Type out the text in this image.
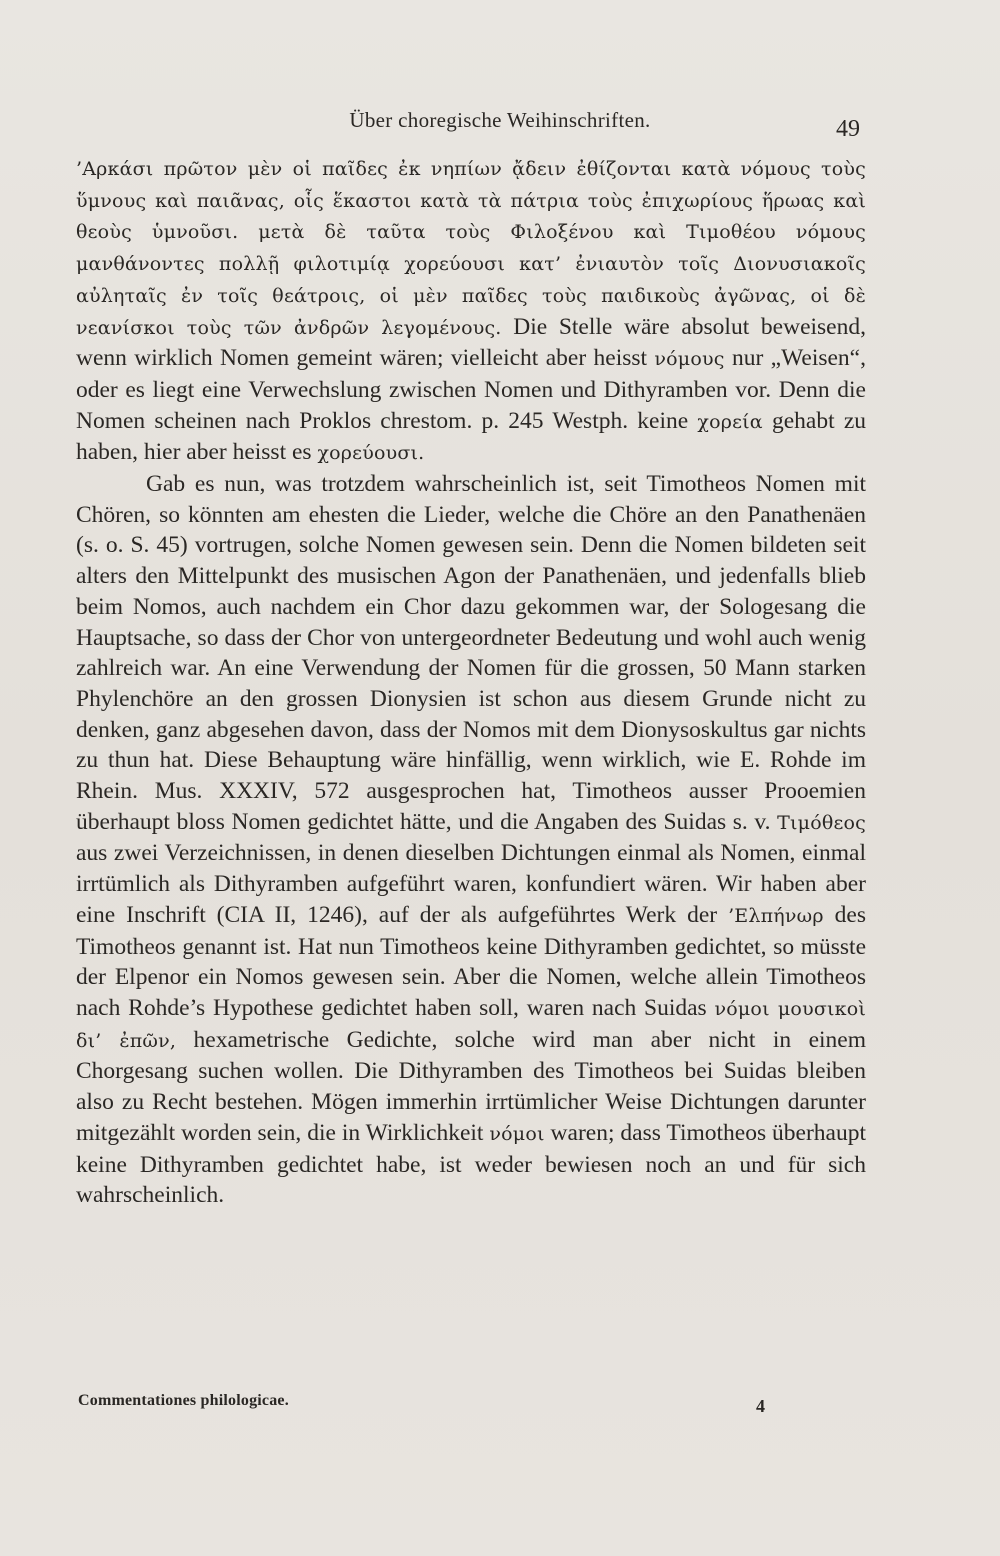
Über choregische Weihinschriften.	49

’Αρκάσι πρῶτον μὲν οἱ παῖδες ἐκ νηπίων ᾄδειν ἐθίζονται κατὰ νόμους τοὺς ὕμνους καὶ παιᾶνας, οἷς ἕκαστοι κατὰ τὰ πάτρια τοὺς ἐπιχωρίους ἥρωας καὶ θεοὺς ὑμνοῦσι. μετὰ δὲ ταῦτα τοὺς Φιλοξένου καὶ Τιμοθέου νόμους μανθάνοντες πολλῇ φιλοτιμίᾳ χορεύουσι κατ’ ἐνιαυτὸν τοῖς Διονυσιακοῖς αὐληταῖς ἐν τοῖς θεάτροις, οἱ μὲν παῖδες τοὺς παιδικοὺς ἀγῶνας, οἱ δὲ νεανίσκοι τοὺς τῶν ἀνδρῶν λεγομένους. Die Stelle wäre absolut beweisend, wenn wirklich Nomen gemeint wären; vielleicht aber heisst νόμους nur „Weisen“, oder es liegt eine Verwechslung zwischen Nomen und Dithyramben vor. Denn die Nomen scheinen nach Proklos chrestom. p. 245 Westph. keine χορεία gehabt zu haben, hier aber heisst es χορεύουσι.

Gab es nun, was trotzdem wahrscheinlich ist, seit Timotheos Nomen mit Chören, so könnten am ehesten die Lieder, welche die Chöre an den Panathenäen (s. o. S. 45) vortrugen, solche Nomen gewesen sein. Denn die Nomen bildeten seit alters den Mittelpunkt des musischen Agon der Panathenäen, und jedenfalls blieb beim Nomos, auch nachdem ein Chor dazu gekommen war, der Sologesang die Hauptsache, so dass der Chor von untergeordneter Bedeutung und wohl auch wenig zahlreich war. An eine Verwendung der Nomen für die grossen, 50 Mann starken Phylenchöre an den grossen Dionysien ist schon aus diesem Grunde nicht zu denken, ganz abgesehen davon, dass der Nomos mit dem Dionysoskultus gar nichts zu thun hat. Diese Behauptung wäre hinfällig, wenn wirklich, wie E. Rohde im Rhein. Mus. XXXIV, 572 ausgesprochen hat, Timotheos ausser Prooemien überhaupt bloss Nomen gedichtet hätte, und die Angaben des Suidas s. v. Τιμόθεος aus zwei Verzeichnissen, in denen dieselben Dichtungen einmal als Nomen, einmal irrtümlich als Dithyramben aufgeführt waren, konfundiert wären. Wir haben aber eine Inschrift (CIA II, 1246), auf der als aufgeführtes Werk der ’Ελπήνωρ des Timotheos genannt ist. Hat nun Timotheos keine Dithyramben gedichtet, so müsste der Elpenor ein Nomos gewesen sein. Aber die Nomen, welche allein Timotheos nach Rohde’s Hypothese gedichtet haben soll, waren nach Suidas νόμοι μουσικοὶ δι’ ἐπῶν, hexametrische Gedichte, solche wird man aber nicht in einem Chorgesang suchen wollen. Die Dithyramben des Timotheos bei Suidas bleiben also zu Recht bestehen. Mögen immerhin irrtümlicher Weise Dichtungen darunter mitgezählt worden sein, die in Wirklichkeit νόμοι waren; dass Timotheos überhaupt keine Dithyramben gedichtet habe, ist weder bewiesen noch an und für sich wahrscheinlich.

Commentationes philologicae.	4
